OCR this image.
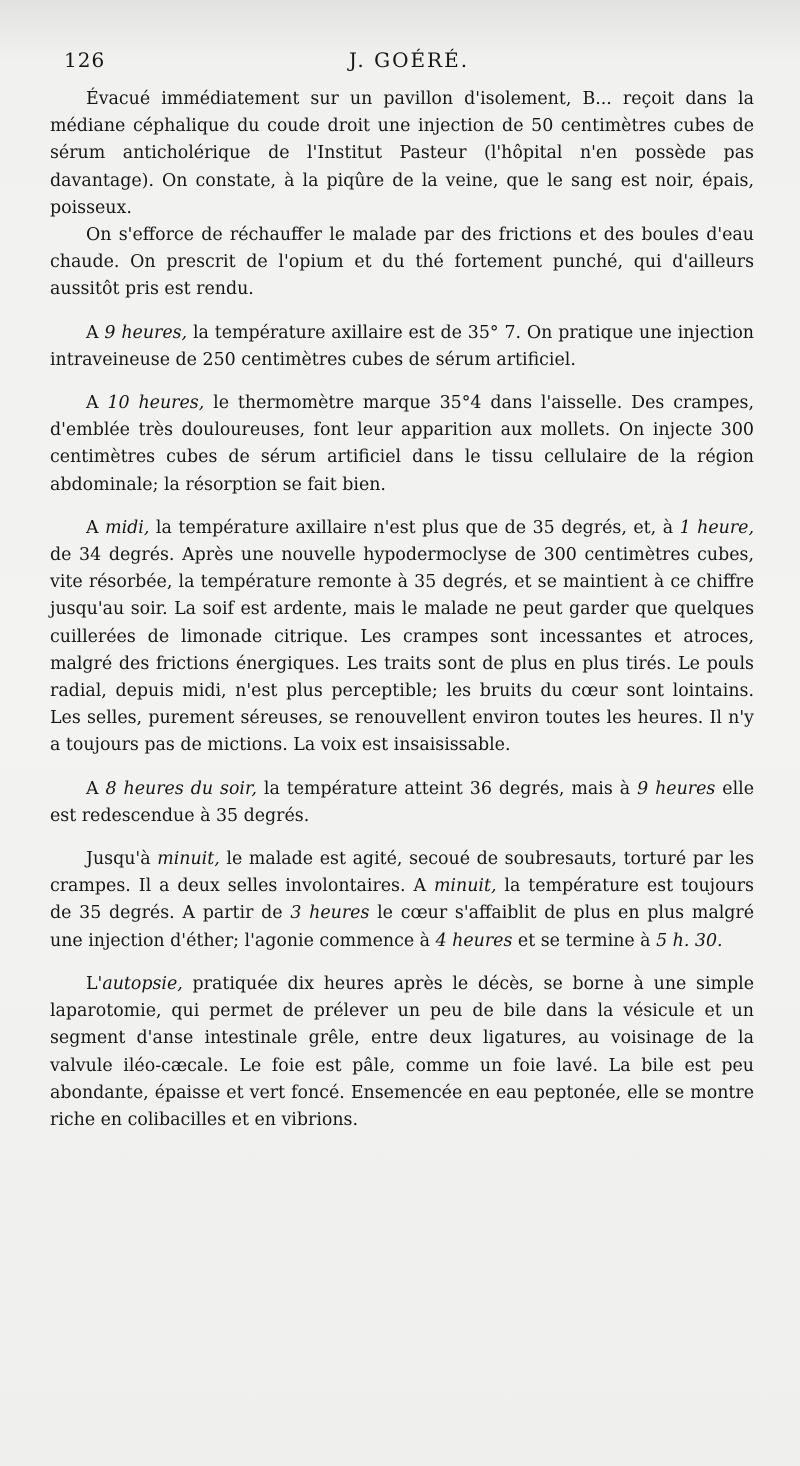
126	J. GOÉRÉ.

Évacué immédiatement sur un pavillon d'isolement, B... reçoit dans la médiane céphalique du coude droit une injection de 50 centimètres cubes de sérum anticholérique de l'Institut Pasteur (l'hôpital n'en possède pas davantage). On constate, à la piqûre de la veine, que le sang est noir, épais, poisseux.

On s'efforce de réchauffer le malade par des frictions et des boules d'eau chaude. On prescrit de l'opium et du thé fortement punché, qui d'ailleurs aussitôt pris est rendu.

A 9 heures, la température axillaire est de 35° 7. On pratique une injection intraveineuse de 250 centimètres cubes de sérum artificiel.

A 10 heures, le thermomètre marque 35°4 dans l'aisselle. Des crampes, d'emblée très douloureuses, font leur apparition aux mollets. On injecte 300 centimètres cubes de sérum artificiel dans le tissu cellulaire de la région abdominale; la résorption se fait bien.

A midi, la température axillaire n'est plus que de 35 degrés, et, à 1 heure, de 34 degrés. Après une nouvelle hypodermoclyse de 300 centimètres cubes, vite résorbée, la température remonte à 35 degrés, et se maintient à ce chiffre jusqu'au soir. La soif est ardente, mais le malade ne peut garder que quelques cuillerées de limonade citrique. Les crampes sont incessantes et atroces, malgré des frictions énergiques. Les traits sont de plus en plus tirés. Le pouls radial, depuis midi, n'est plus perceptible; les bruits du cœur sont lointains. Les selles, purement séreuses, se renouvellent environ toutes les heures. Il n'y a toujours pas de mictions. La voix est insaisissable.

A 8 heures du soir, la température atteint 36 degrés, mais à 9 heures elle est redescendue à 35 degrés.

Jusqu'à minuit, le malade est agité, secoué de soubresauts, torturé par les crampes. Il a deux selles involontaires. A minuit, la température est toujours de 35 degrés. A partir de 3 heures le cœur s'affaiblit de plus en plus malgré une injection d'éther; l'agonie commence à 4 heures et se termine à 5 h. 30.

L'autopsie, pratiquée dix heures après le décès, se borne à une simple laparotomie, qui permet de prélever un peu de bile dans la vésicule et un segment d'anse intestinale grêle, entre deux ligatures, au voisinage de la valvule iléo-cæcale. Le foie est pâle, comme un foie lavé. La bile est peu abondante, épaisse et vert foncé. Ensemencée en eau peptonée, elle se montre riche en colibacilles et en vibrions.
